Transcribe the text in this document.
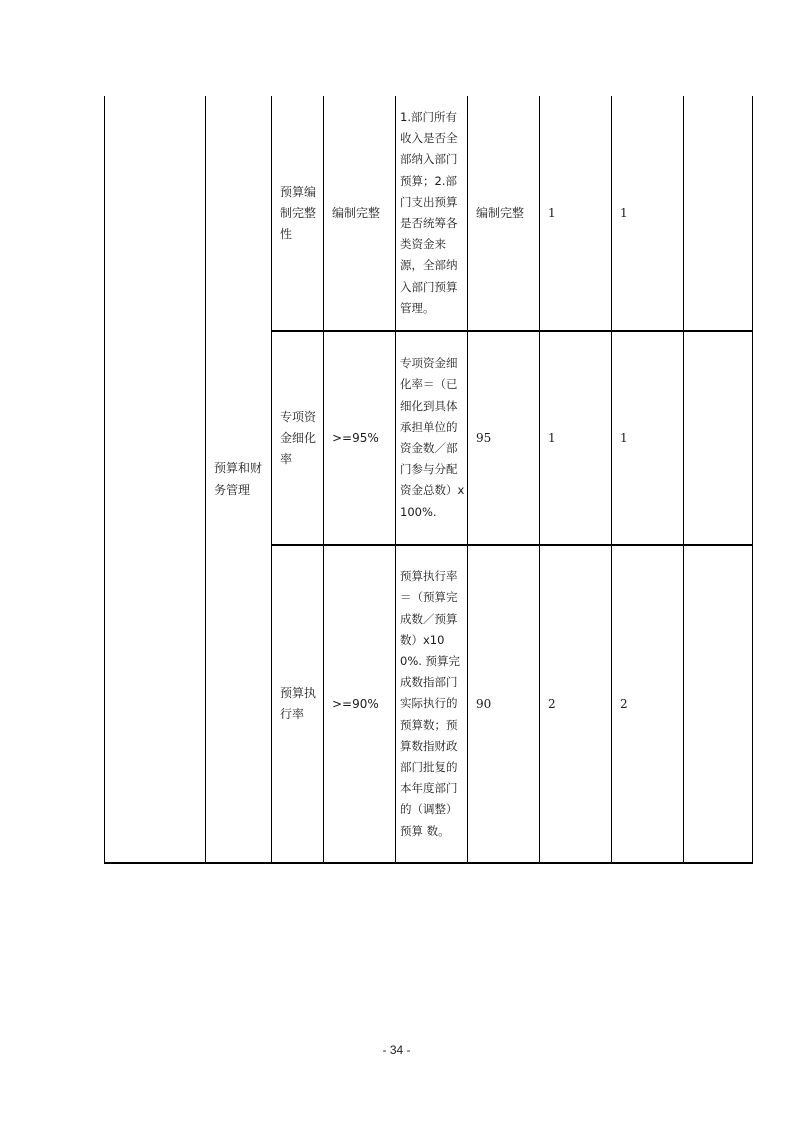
	预算和财务管理	预算编制完整性	编制完整	1.部门所有收入是否全部纳入部门预算；2.部门支出预算是否统筹各类资金来源，全部纳入部门预算管理。	编制完整	1	1	

		专项资金细化率	>=95%	专项资金细化率＝（已细化到具体承担单位的资金数／部门参与分配资金总数）x 100%.	95	1	1	

		预算执行率	>=90%	预算执行率＝（预算完成数／预算数）x100%. 预算完成数指部门实际执行的预算数；预算数指财政部门批复的本年度部门的（调整）预算 数。	90	2	2	

- 34 -
